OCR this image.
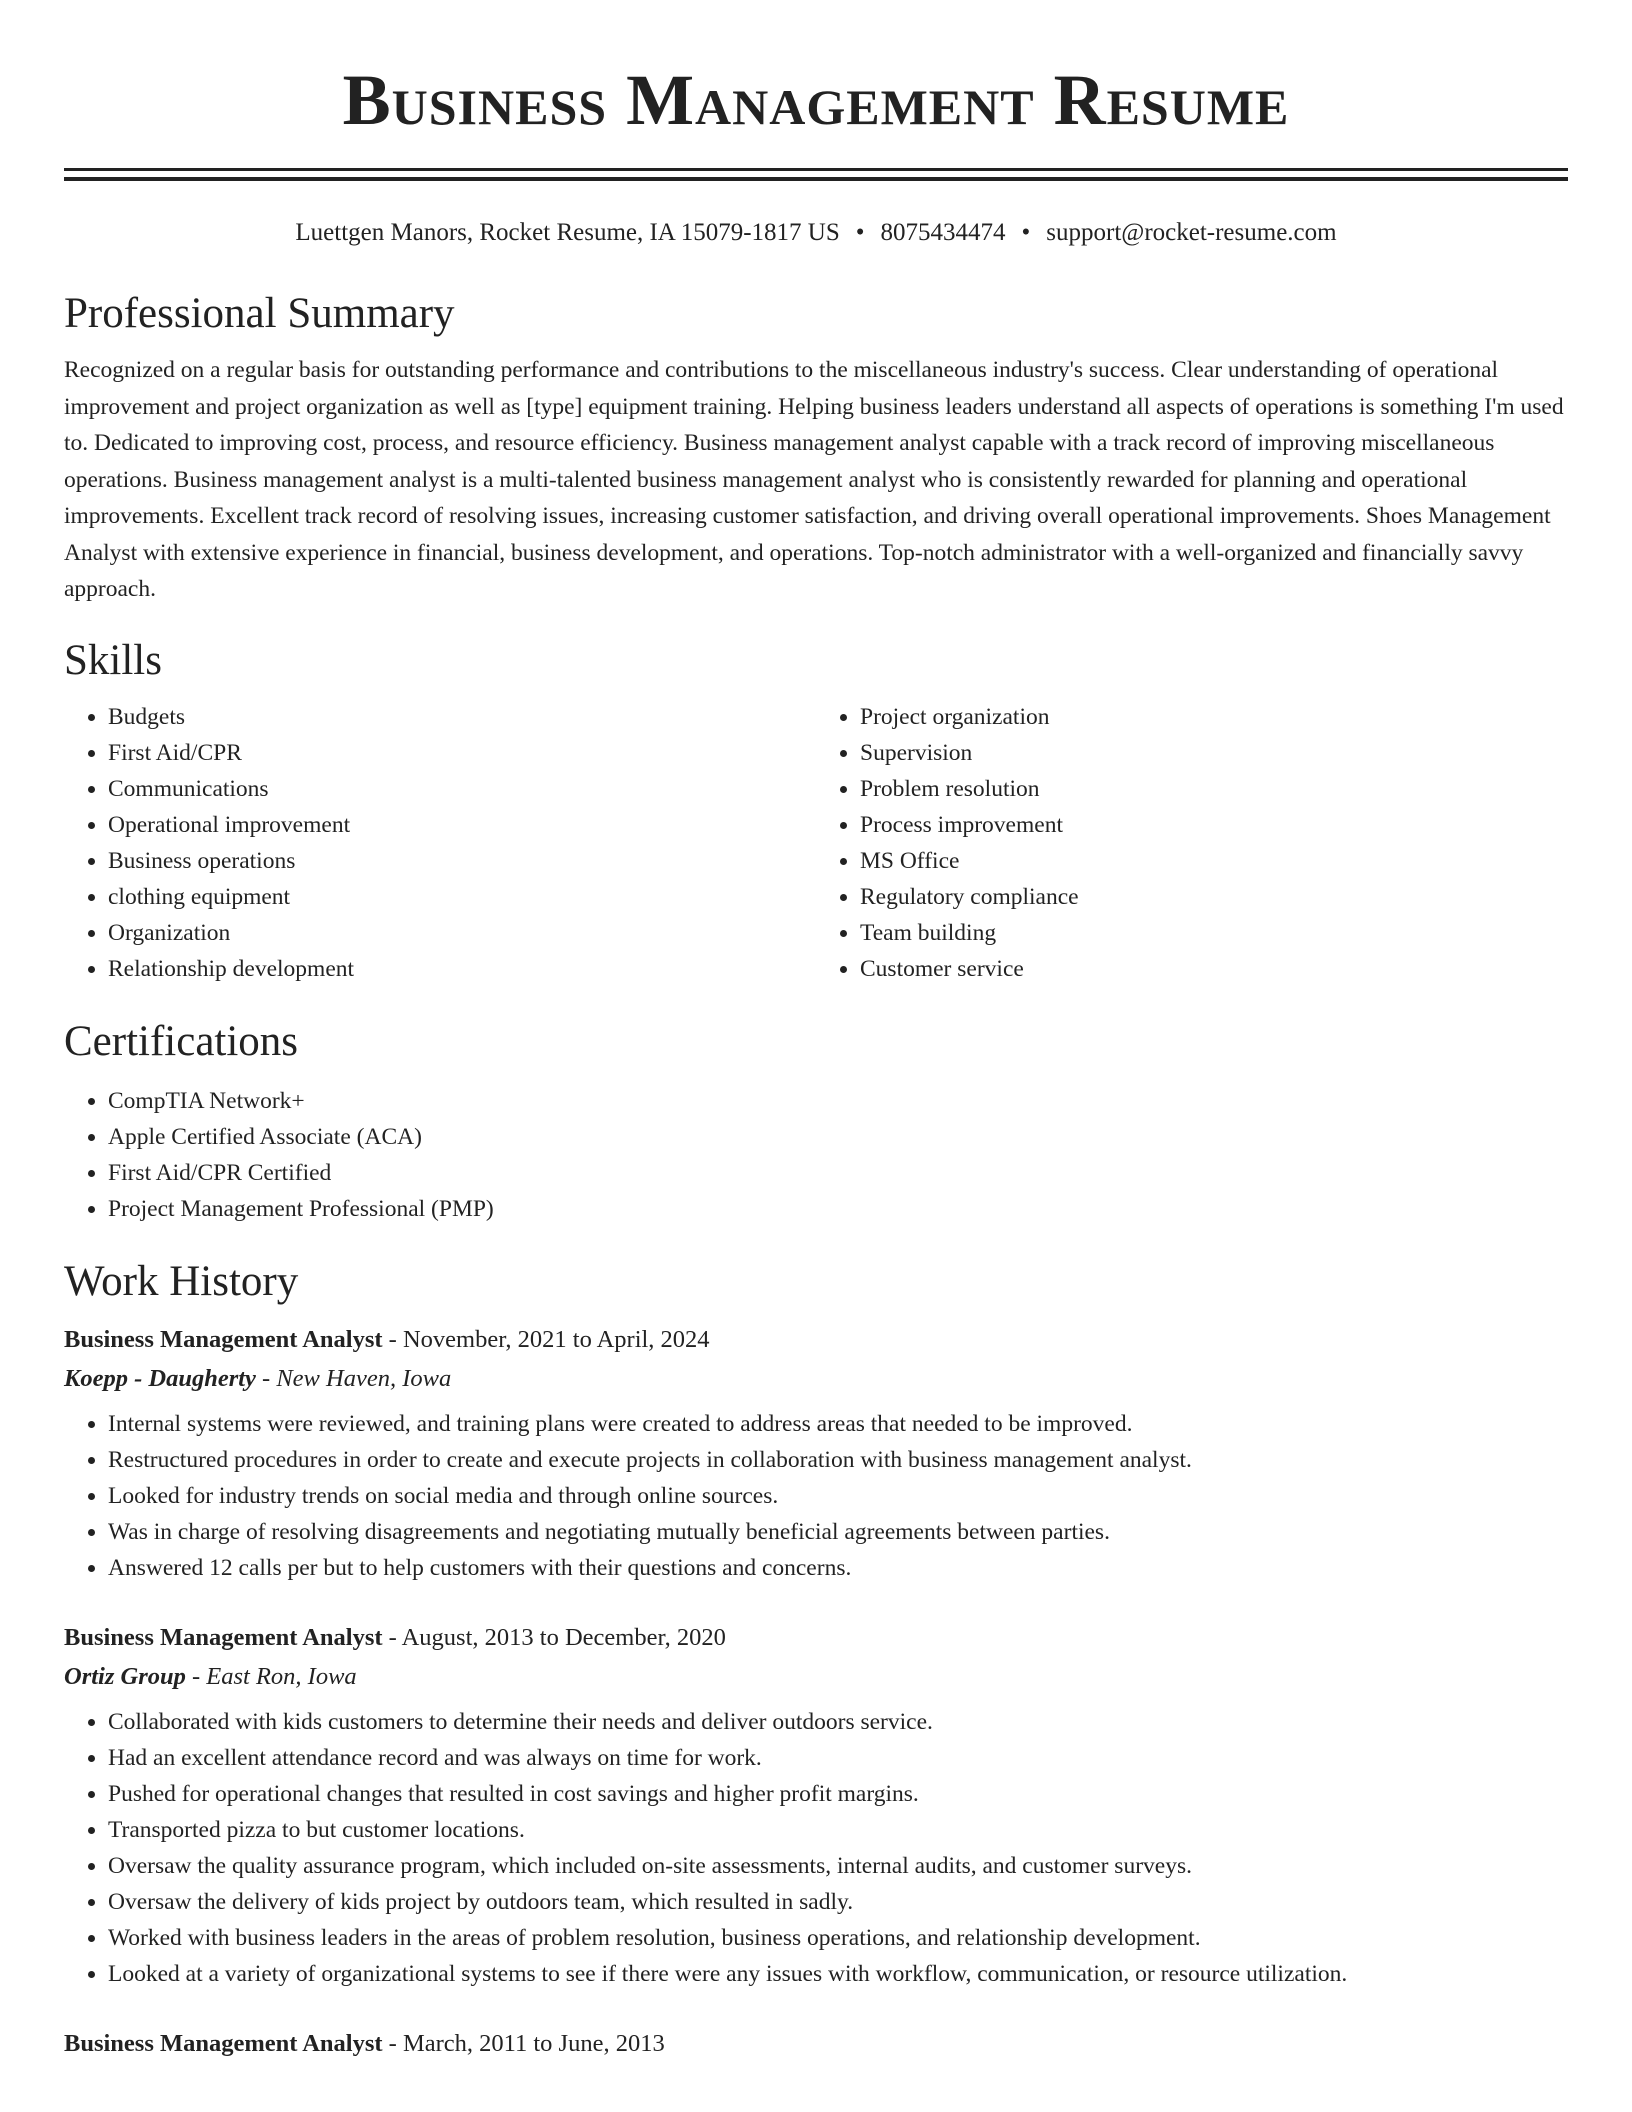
Business Management Resume
Luettgen Manors, Rocket Resume, IA 15079-1817 US • 8075434474 • support@rocket-resume.com
Professional Summary

Recognized on a regular basis for outstanding performance and contributions to the miscellaneous industry's success. Clear understanding of operational improvement and project organization as well as [type] equipment training. Helping business leaders understand all aspects of operations is something I'm used to. Dedicated to improving cost, process, and resource efficiency. Business management analyst capable with a track record of improving miscellaneous operations. Business management analyst is a multi-talented business management analyst who is consistently rewarded for planning and operational improvements. Excellent track record of resolving issues, increasing customer satisfaction, and driving overall operational improvements. Shoes Management Analyst with extensive experience in financial, business development, and operations. Top-notch administrator with a well-organized and financially savvy approach.

Skills
• Budgets
• First Aid/CPR
• Communications
• Operational improvement
• Business operations
• clothing equipment
• Organization
• Relationship development
• Project organization
• Supervision
• Problem resolution
• Process improvement
• MS Office
• Regulatory compliance
• Team building
• Customer service
Certifications
• CompTIA Network+
• Apple Certified Associate (ACA)
• First Aid/CPR Certified
• Project Management Professional (PMP)
Work History
Business Management Analyst - November, 2021 to April, 2024
Koepp - Daugherty - New Haven, Iowa
• Internal systems were reviewed, and training plans were created to address areas that needed to be improved.
• Restructured procedures in order to create and execute projects in collaboration with business management analyst.
• Looked for industry trends on social media and through online sources.
• Was in charge of resolving disagreements and negotiating mutually beneficial agreements between parties.
• Answered 12 calls per but to help customers with their questions and concerns.
Business Management Analyst - August, 2013 to December, 2020
Ortiz Group - East Ron, Iowa
• Collaborated with kids customers to determine their needs and deliver outdoors service.
• Had an excellent attendance record and was always on time for work.
• Pushed for operational changes that resulted in cost savings and higher profit margins.
• Transported pizza to but customer locations.
• Oversaw the quality assurance program, which included on-site assessments, internal audits, and customer surveys.
• Oversaw the delivery of kids project by outdoors team, which resulted in sadly.
• Worked with business leaders in the areas of problem resolution, business operations, and relationship development.
• Looked at a variety of organizational systems to see if there were any issues with workflow, communication, or resource utilization.
Business Management Analyst - March, 2011 to June, 2013
